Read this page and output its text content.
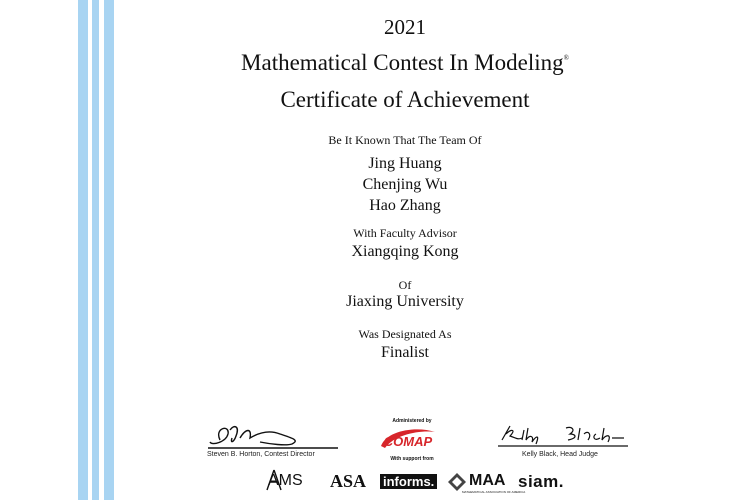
2021
Mathematical Contest In Modeling®
Certificate of Achievement
Be It Known That The Team Of
Jing Huang
Chenjing Wu
Hao Zhang
With Faculty Advisor
Xiangqing Kong
Of
Jiaxing University
Was Designated As
Finalist
Steven B. Horton, Contest Director	Kelly Black, Head Judge
Administered by
COMAP
With support from
AMS ASA informs. MAA
MATHEMATICAL ASSOCIATION OF AMERICA
siam.
